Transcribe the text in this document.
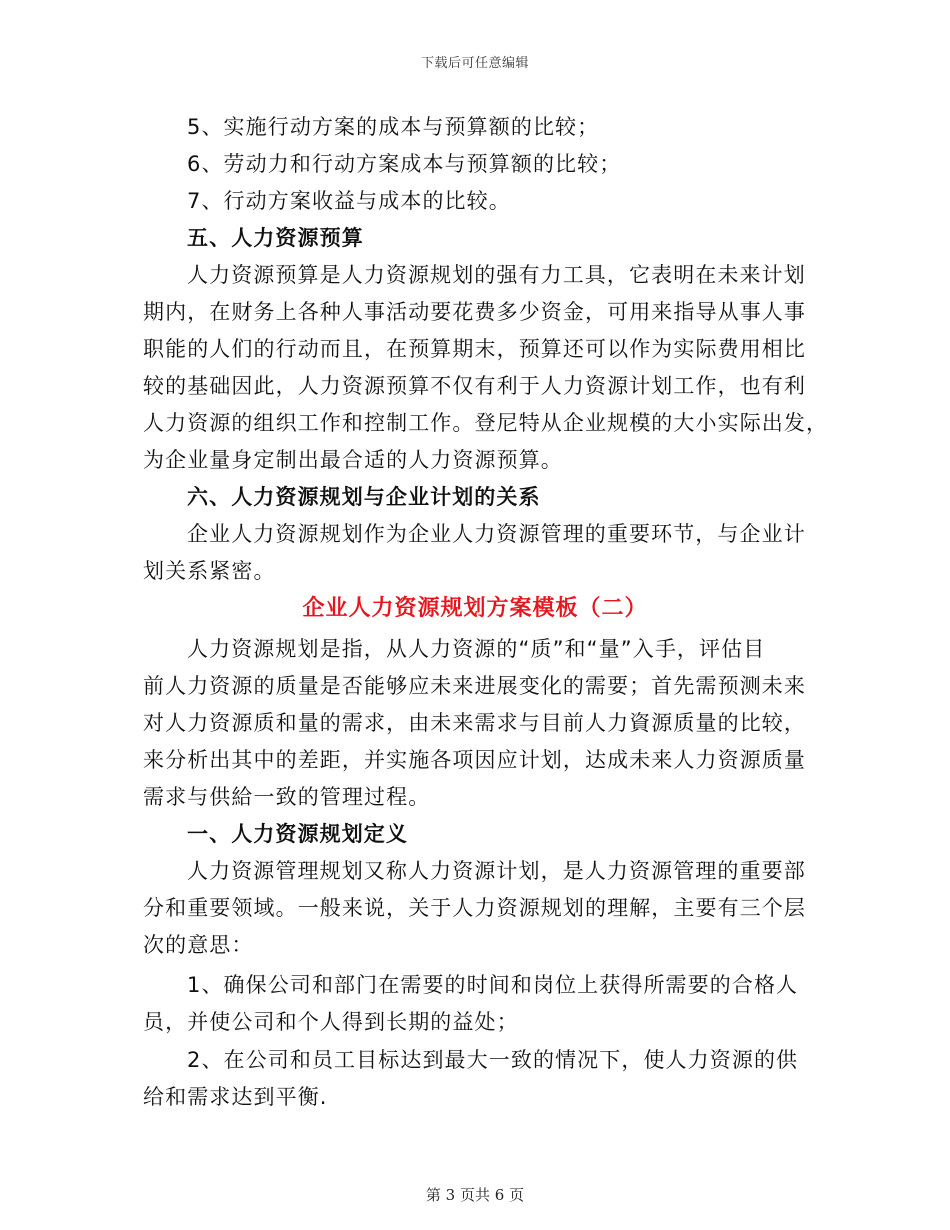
下载后可任意编辑
5、实施行动方案的成本与预算额的比较；
6、劳动力和行动方案成本与预算额的比较；
7、行动方案收益与成本的比较。
五、人力资源预算
人力资源预算是人力资源规划的强有力工具，它表明在未来计划
期内，在财务上各种人事活动要花费多少资金，可用来指导从事人事
职能的人们的行动而且，在预算期末，预算还可以作为实际费用相比
较的基础因此，人力资源预算不仅有利于人力资源计划工作，也有利
人力资源的组织工作和控制工作。登尼特从企业规模的大小实际出发，
为企业量身定制出最合适的人力资源预算。
六、人力资源规划与企业计划的关系
企业人力资源规划作为企业人力资源管理的重要环节，与企业计
划关系紧密。
企业人力资源规划方案模板（二）
人力资源规划是指，从人力资源的“质”和“量”入手，评估目
前人力资源的质量是否能够应未来进展变化的需要；首先需预测未来
对人力资源质和量的需求，由未来需求与目前人力資源质量的比较，
来分析出其中的差距，并实施各项因应计划，达成未来人力资源质量
需求与供給一致的管理过程。
一、人力资源规划定义
人力资源管理规划又称人力资源计划，是人力资源管理的重要部
分和重要领域。一般来说，关于人力资源规划的理解，主要有三个层
次的意思：
1、确保公司和部门在需要的时间和岗位上获得所需要的合格人
员，并使公司和个人得到长期的益处；
2、在公司和员工目标达到最大一致的情况下，使人力资源的供
给和需求达到平衡.
第 3 页共 6 页
